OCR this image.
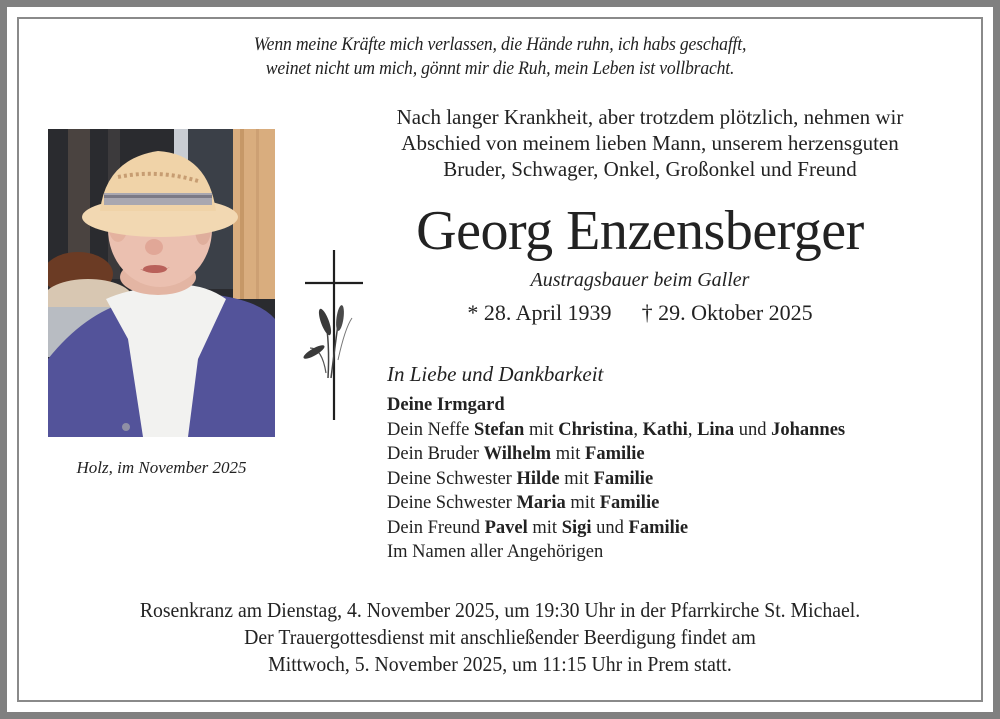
Wenn meine Kräfte mich verlassen, die Hände ruhn, ich habs geschafft,
weinet nicht um mich, gönnt mir die Ruh, mein Leben ist vollbracht.
Nach langer Krankheit, aber trotzdem plötzlich, nehmen wir
Abschied von meinem lieben Mann, unserem herzensguten
Bruder, Schwager, Onkel, Großonkel und Freund
Georg Enzensberger
Austragsbauer beim Galler
* 28. April 1939 † 29. Oktober 2025
Holz, im November 2025
In Liebe und Dankbarkeit
Deine Irmgard
Dein Neffe Stefan mit Christina, Kathi, Lina und Johannes
Dein Bruder Wilhelm mit Familie
Deine Schwester Hilde mit Familie
Deine Schwester Maria mit Familie
Dein Freund Pavel mit Sigi und Familie
Im Namen aller Angehörigen
Rosenkranz am Dienstag, 4. November 2025, um 19:30 Uhr in der Pfarrkirche St. Michael.
Der Trauergottesdienst mit anschließender Beerdigung findet am
Mittwoch, 5. November 2025, um 11:15 Uhr in Prem statt.
